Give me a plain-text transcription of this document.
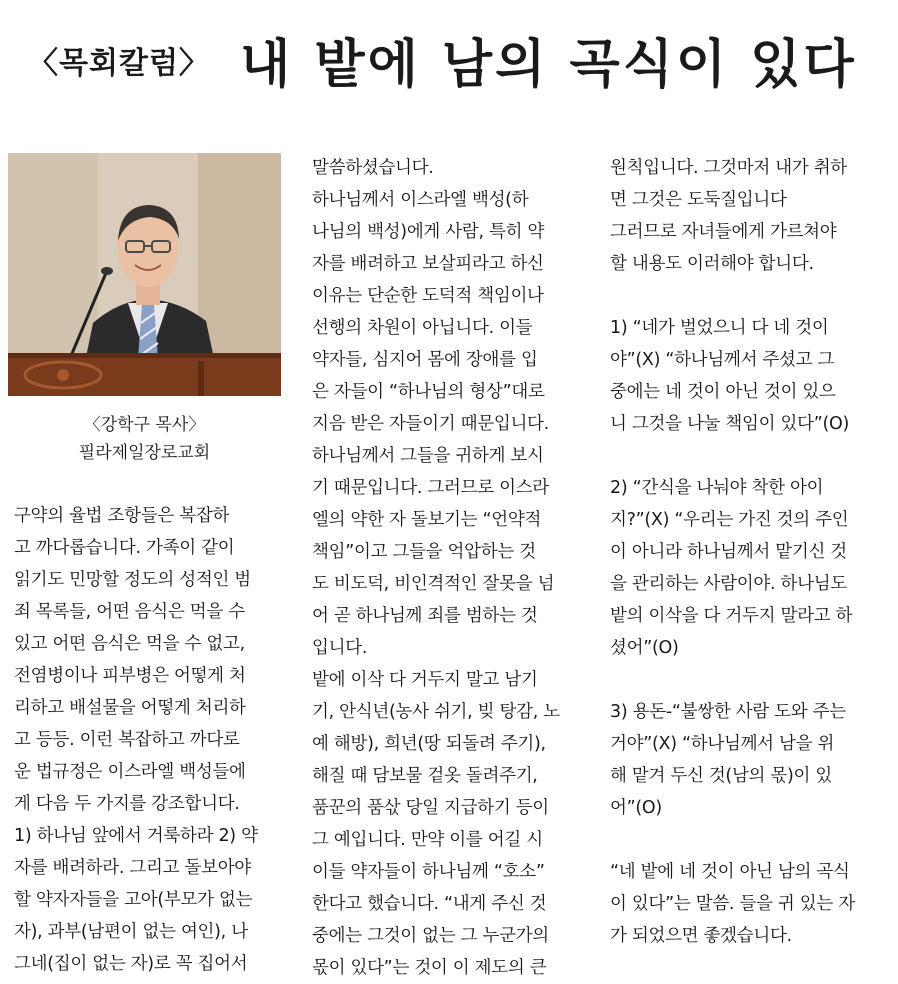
〈목회칼럼〉 내 밭에 남의 곡식이 있다
〈강학구 목사〉
필라제일장로교회

구약의 율법 조항들은 복잡하

고 까다롭습니다. 가족이 같이

읽기도 민망할 정도의 성적인 범

죄 목록들, 어떤 음식은 먹을 수

있고 어떤 음식은 먹을 수 없고,

전염병이나 피부병은 어떻게 처

리하고 배설물을 어떻게 처리하

고 등등. 이런 복잡하고 까다로

운 법규정은 이스라엘 백성들에

게 다음 두 가지를 강조합니다.

1) 하나님 앞에서 거룩하라 2) 약

자를 배려하라. 그리고 돌보아야

할 약자자들을 고아(부모가 없는

자), 과부(남편이 없는 여인), 나

그네(집이 없는 자)로 꼭 집어서

말씀하셨습니다.

하나님께서 이스라엘 백성(하

나님의 백성)에게 사람, 특히 약

자를 배려하고 보살피라고 하신

이유는 단순한 도덕적 책임이나

선행의 차원이 아닙니다. 이들

약자들, 심지어 몸에 장애를 입

은 자들이 “하나님의 형상”대로

지음 받은 자들이기 때문입니다.

하나님께서 그들을 귀하게 보시

기 때문입니다. 그러므로 이스라

엘의 약한 자 돌보기는 “언약적

책임”이고 그들을 억압하는 것

도 비도덕, 비인격적인 잘못을 넘

어 곧 하나님께 죄를 범하는 것

입니다.

밭에 이삭 다 거두지 말고 남기

기, 안식년(농사 쉬기, 빚 탕감, 노

예 해방), 희년(땅 되돌려 주기),

해질 때 담보물 겉옷 돌려주기,

품꾼의 품삯 당일 지급하기 등이

그 예입니다. 만약 이를 어길 시

이들 약자들이 하나님께 “호소”

한다고 했습니다. “내게 주신 것

중에는 그것이 없는 그 누군가의

몫이 있다”는 것이 이 제도의 큰

원칙입니다. 그것마저 내가 취하

면 그것은 도둑질입니다

그러므로 자녀들에게 가르쳐야

할 내용도 이러해야 합니다.

1) “네가 벌었으니 다 네 것이

야”(X) “하나님께서 주셨고 그

중에는 네 것이 아닌 것이 있으

니 그것을 나눌 책임이 있다”(O)

2) “간식을 나눠야 착한 아이

지?”(X) “우리는 가진 것의 주인

이 아니라 하나님께서 맡기신 것

을 관리하는 사람이야. 하나님도

밭의 이삭을 다 거두지 말라고 하

셨어”(O)

3) 용돈-“불쌍한 사람 도와 주는

거야”(X) “하나님께서 남을 위

해 맡겨 두신 것(남의 몫)이 있

어”(O)

“네 밭에 네 것이 아닌 남의 곡식

이 있다”는 말씀. 들을 귀 있는 자

가 되었으면 좋겠습니다.
